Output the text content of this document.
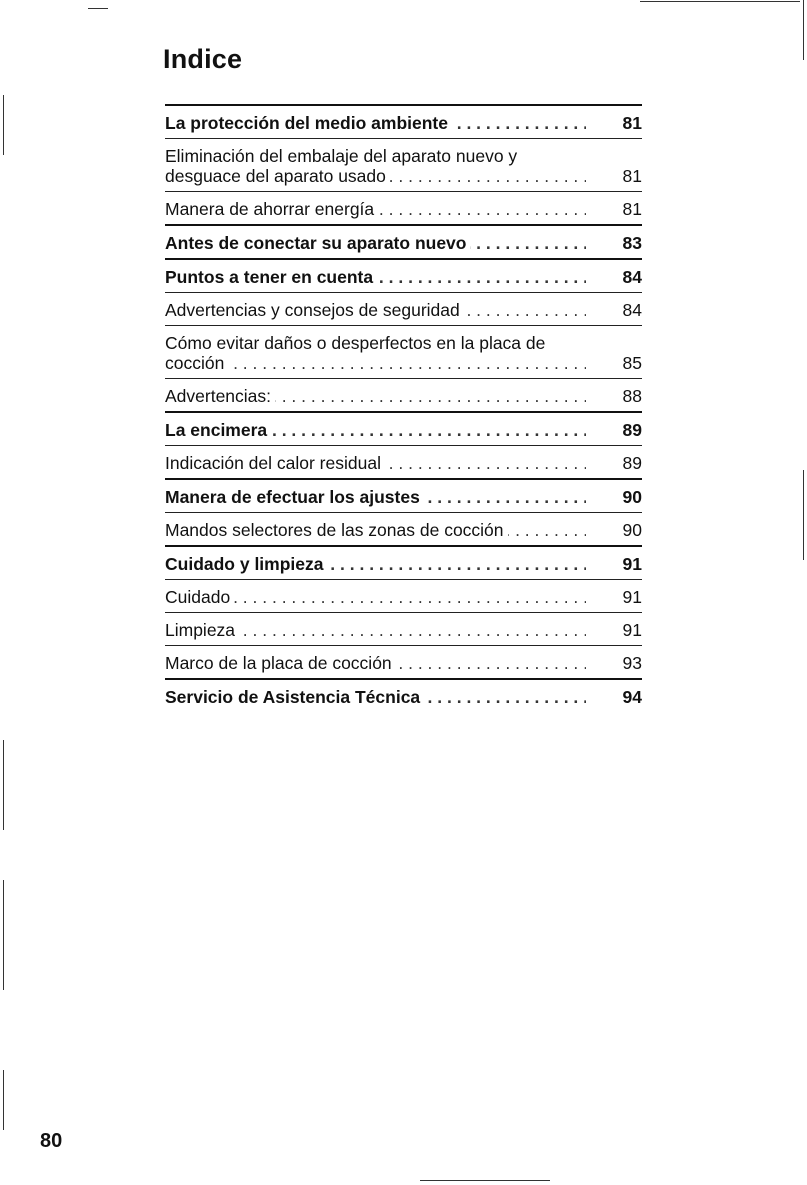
Indice
La protección del medio ambiente . . .	81
Eliminación del embalaje del aparato nuevo y
desguace del aparato usado . . .	81
Manera de ahorrar energía . . .	81
Antes de conectar su aparato nuevo . . .	83
Puntos a tener en cuenta . . .	84
Advertencias y consejos de seguridad . . .	84
Cómo evitar daños o desperfectos en la placa de
cocción . . .	85
Advertencias: . . .	88
La encimera . . .	89
Indicación del calor residual . . .	89
Manera de efectuar los ajustes . . .	90
Mandos selectores de las zonas de cocción . . .	90
Cuidado y limpieza . . .	91
Cuidado . . .	91
Limpieza . . .	91
Marco de la placa de cocción . . .	93
Servicio de Asistencia Técnica . . .	94
80
